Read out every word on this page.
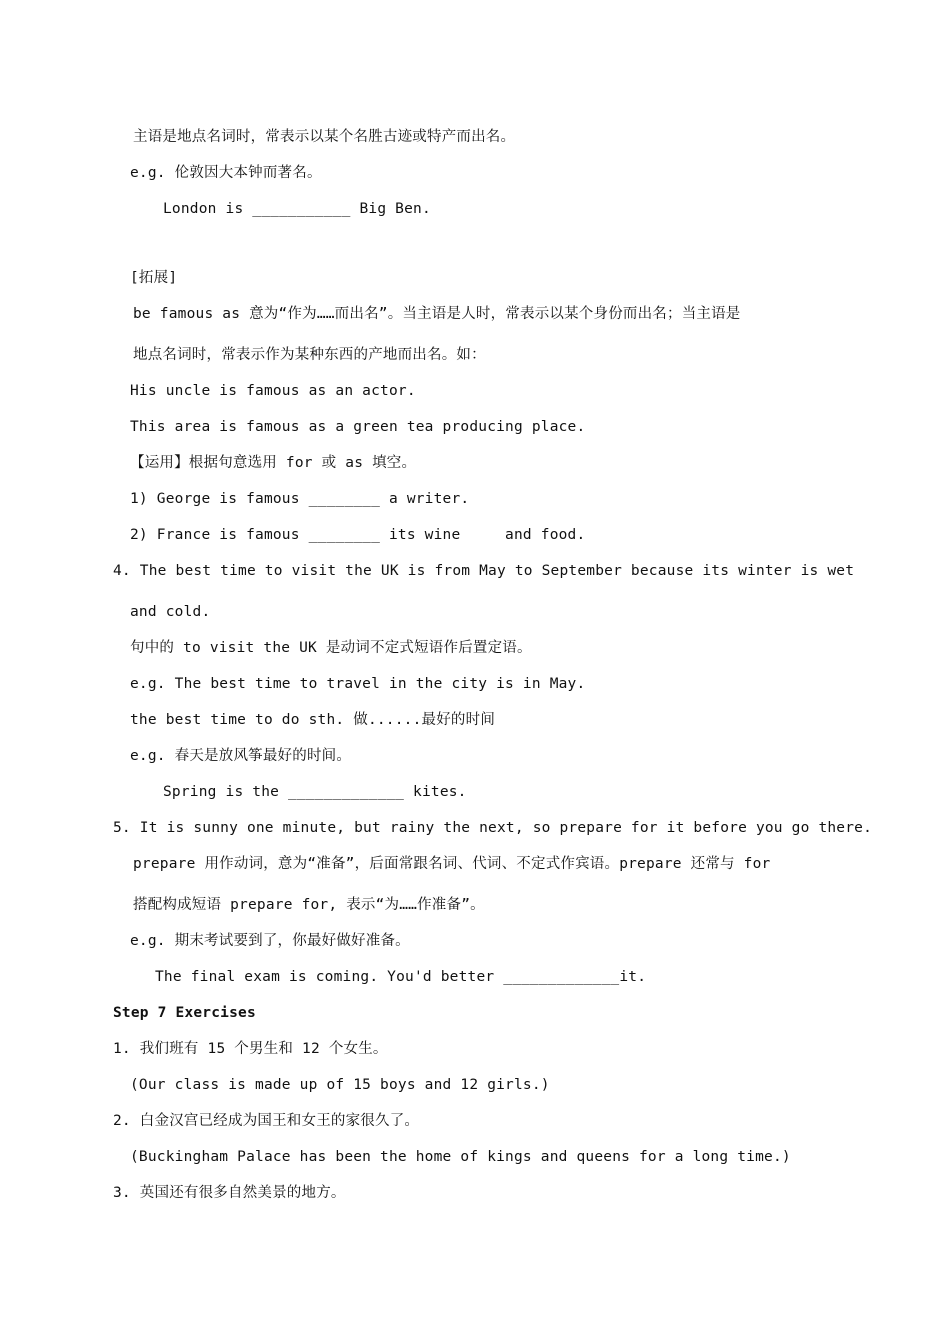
主语是地点名词时，常表示以某个名胜古迹或特产而出名。
e.g. 伦敦因大本钟而著名。
London is ___________ Big Ben.
[拓展]
be famous as 意为“作为……而出名”。当主语是人时，常表示以某个身份而出名；当主语是
地点名词时，常表示作为某种东西的产地而出名。如：
His uncle is famous as an actor.
This area is famous as a green tea producing place.
【运用】根据句意选用 for 或 as 填空。
1) George is famous ________ a writer.
2) France is famous ________ its wine     and food.
4. The best time to visit the UK is from May to September because its winter is wet
and cold.
句中的 to visit the UK 是动词不定式短语作后置定语。
e.g. The best time to travel in the city is in May.
the best time to do sth. 做......最好的时间
e.g. 春天是放风筝最好的时间。
Spring is the _____________ kites.
5. It is sunny one minute, but rainy the next, so prepare for it before you go there.
prepare 用作动词，意为“准备”，后面常跟名词、代词、不定式作宾语。prepare 还常与 for
搭配构成短语 prepare for, 表示“为……作准备”。
e.g. 期末考试要到了，你最好做好准备。
The final exam is coming. You'd better _____________it.
Step 7 Exercises
1. 我们班有 15 个男生和 12 个女生。
(Our class is made up of 15 boys and 12 girls.)
2. 白金汉宫已经成为国王和女王的家很久了。
(Buckingham Palace has been the home of kings and queens for a long time.)
3. 英国还有很多自然美景的地方。
